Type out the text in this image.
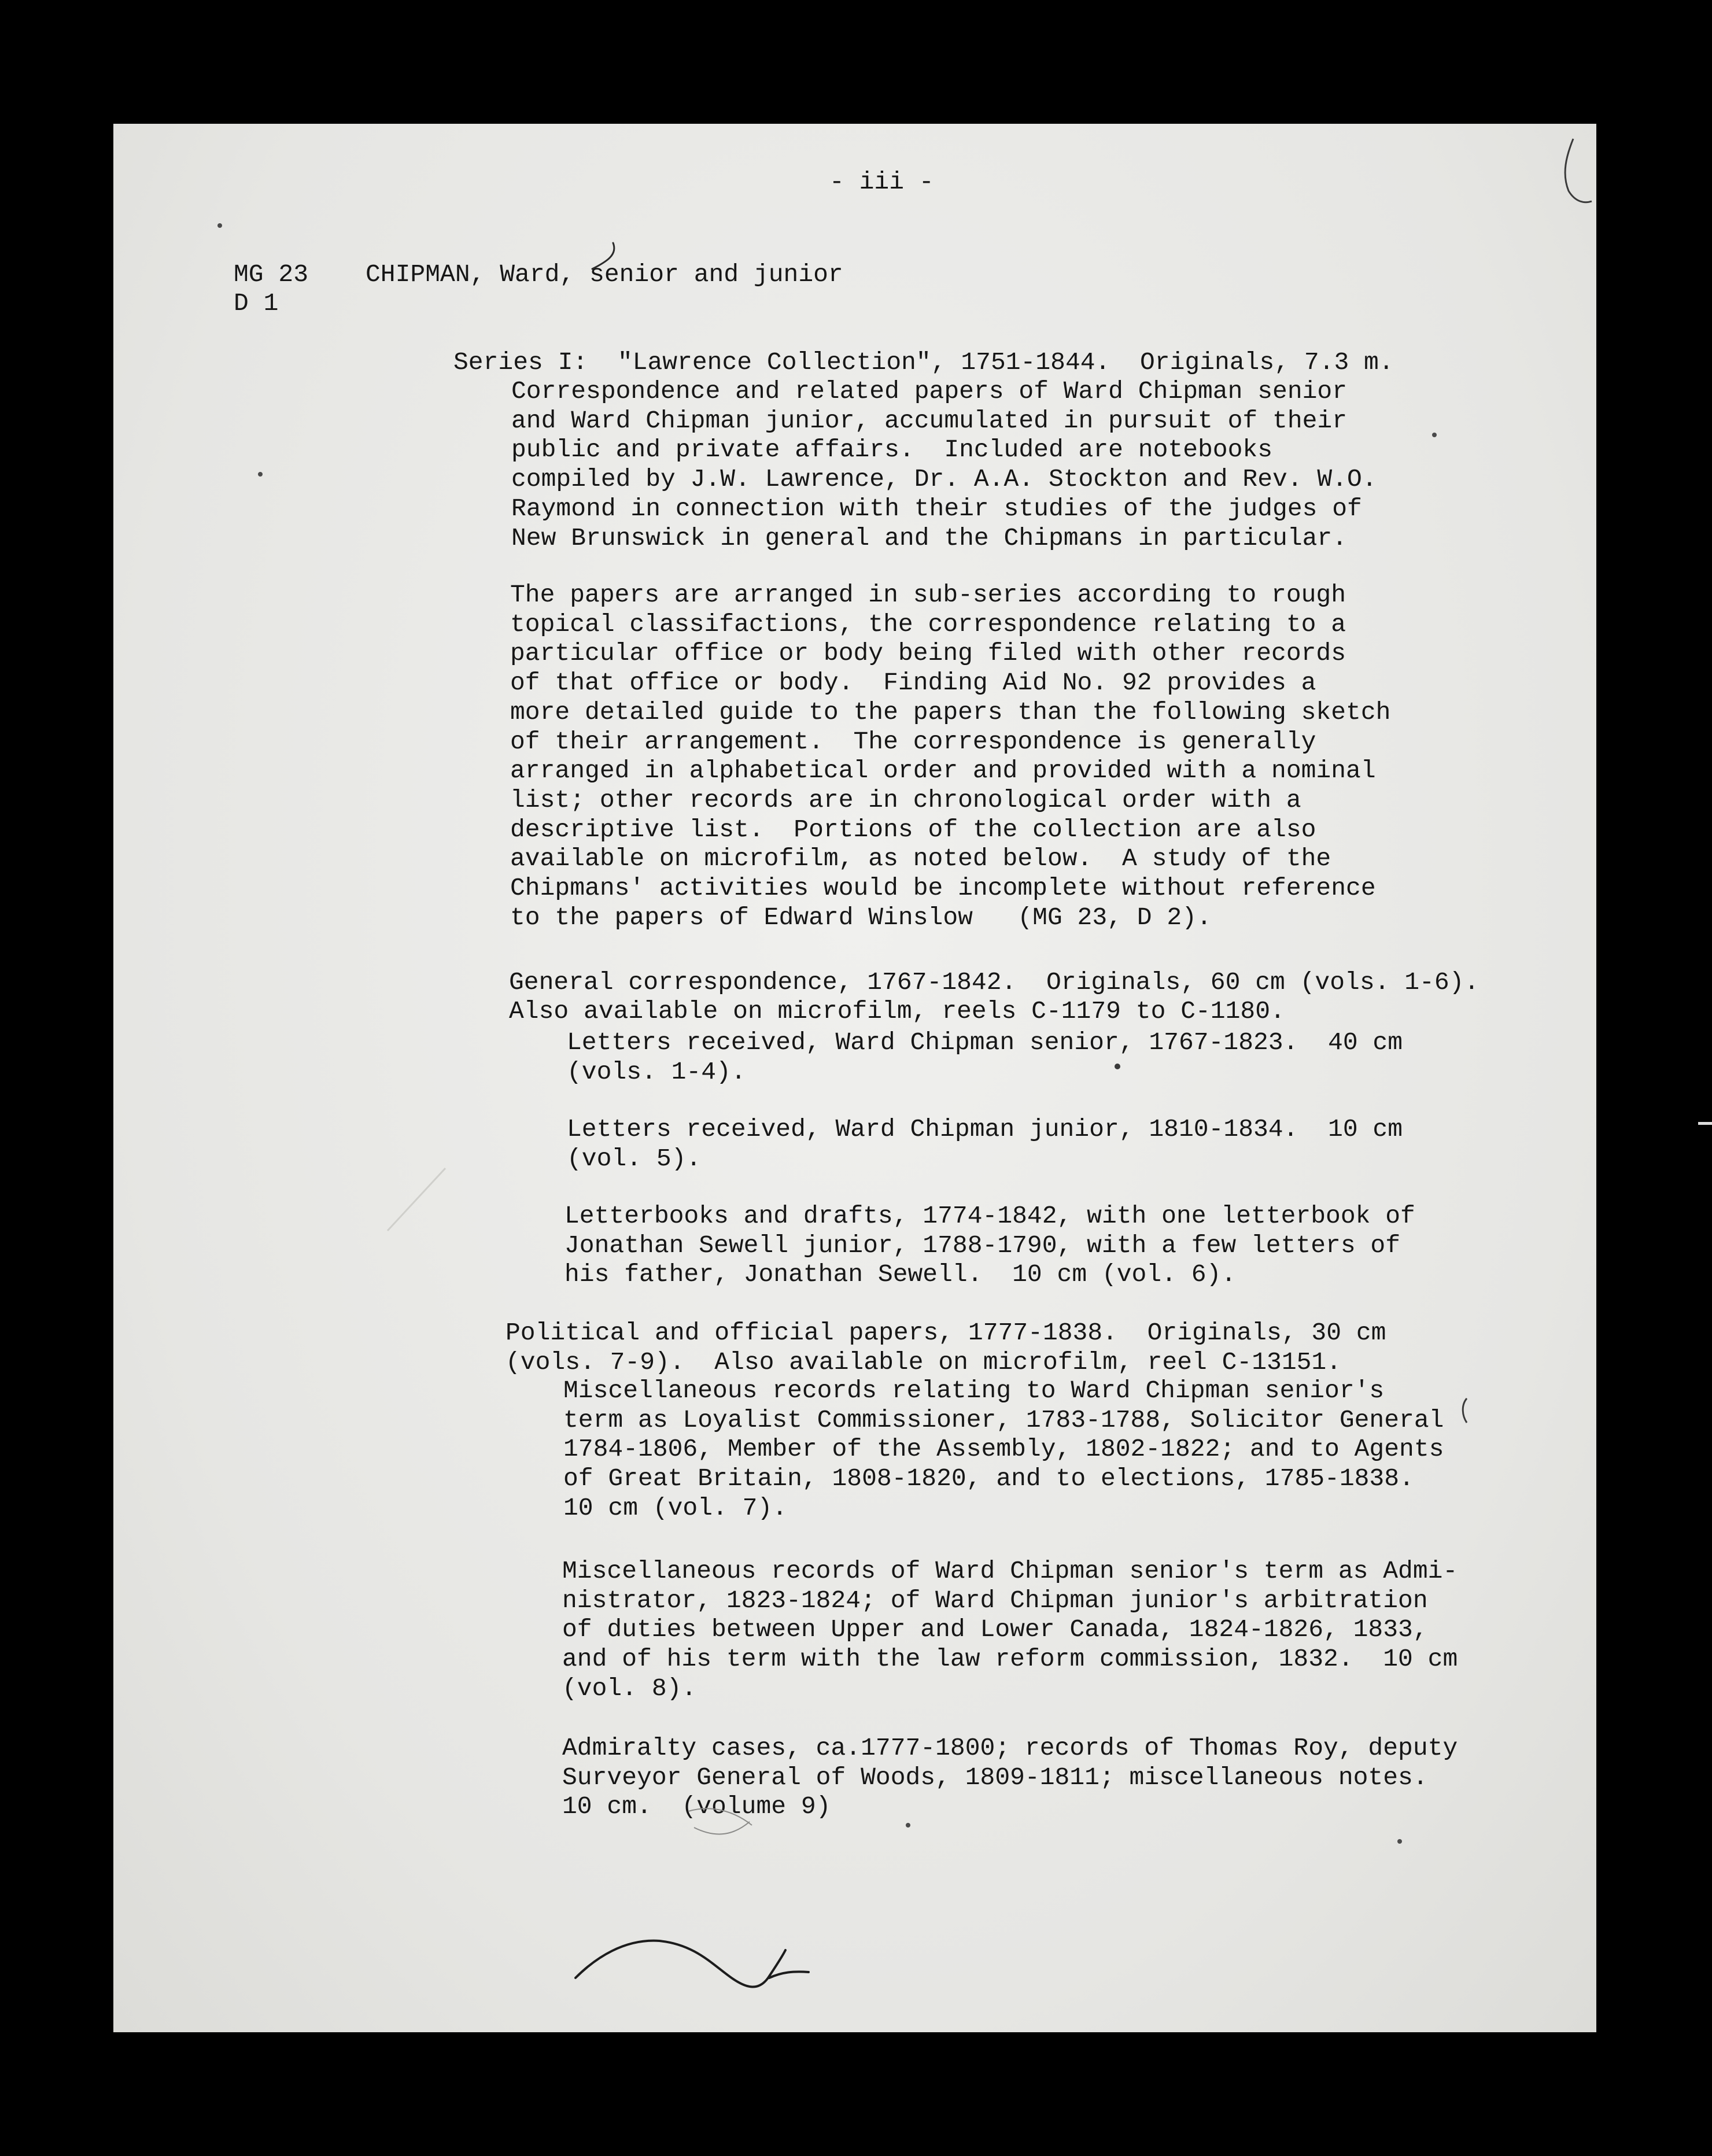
- iii -

MG 23

D 1

CHIPMAN, Ward, senior and junior

Series I:  "Lawrence Collection", 1751-1844.  Originals, 7.3 m.

Correspondence and related papers of Ward Chipman senior
and Ward Chipman junior, accumulated in pursuit of their
public and private affairs.  Included are notebooks
compiled by J.W. Lawrence, Dr. A.A. Stockton and Rev. W.O.
Raymond in connection with their studies of the judges of
New Brunswick in general and the Chipmans in particular.

The papers are arranged in sub-series according to rough
topical classifactions, the correspondence relating to a
particular office or body being filed with other records
of that office or body.  Finding Aid No. 92 provides a
more detailed guide to the papers than the following sketch
of their arrangement.  The correspondence is generally
arranged in alphabetical order and provided with a nominal
list; other records are in chronological order with a
descriptive list.  Portions of the collection are also
available on microfilm, as noted below.  A study of the
Chipmans' activities would be incomplete without reference
to the papers of Edward Winslow   (MG 23, D 2).

General correspondence, 1767-1842.  Originals, 60 cm (vols. 1-6).

Also available on microfilm, reels C-1179 to C-1180.

Letters received, Ward Chipman senior, 1767-1823.  40 cm
(vols. 1-4).

Letters received, Ward Chipman junior, 1810-1834.  10 cm
(vol. 5).

Letterbooks and drafts, 1774-1842, with one letterbook of
Jonathan Sewell junior, 1788-1790, with a few letters of
his father, Jonathan Sewell.  10 cm (vol. 6).

Political and official papers, 1777-1838.  Originals, 30 cm
(vols. 7-9).  Also available on microfilm, reel C-13151.

Miscellaneous records relating to Ward Chipman senior's
term as Loyalist Commissioner, 1783-1788, Solicitor General
1784-1806, Member of the Assembly, 1802-1822; and to Agents
of Great Britain, 1808-1820, and to elections, 1785-1838.
10 cm (vol. 7).

Miscellaneous records of Ward Chipman senior's term as Admi-
nistrator, 1823-1824; of Ward Chipman junior's arbitration
of duties between Upper and Lower Canada, 1824-1826, 1833,
and of his term with the law reform commission, 1832.  10 cm
(vol. 8).

Admiralty cases, ca.1777-1800; records of Thomas Roy, deputy
Surveyor General of Woods, 1809-1811; miscellaneous notes.
10 cm.  (volume 9)
